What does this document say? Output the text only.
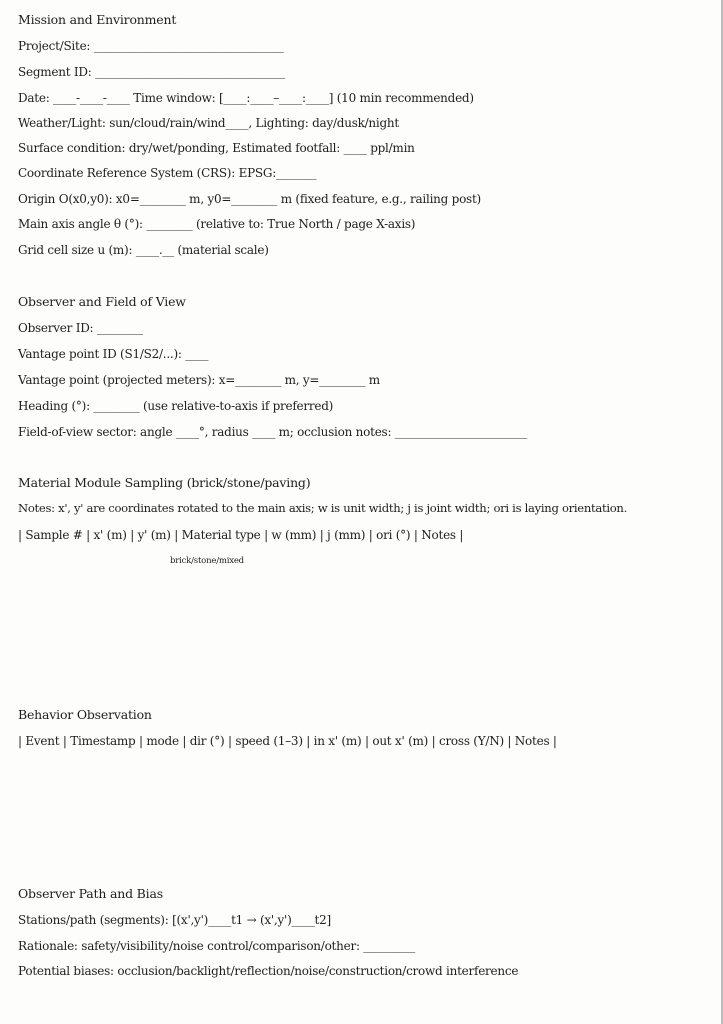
Mission and Environment

Project/Site: _________________________________

Segment ID: _________________________________

Date: ____-____-____ Time window: [____:____–____:____] (10 min recommended)

Weather/Light: sun/cloud/rain/wind____, Lighting: day/dusk/night

Surface condition: dry/wet/ponding, Estimated footfall: ____ ppl/min

Coordinate Reference System (CRS): EPSG:_______

Origin O(x0,y0): x0=________ m, y0=________ m (fixed feature, e.g., railing post)

Main axis angle θ (°): ________ (relative to: True North / page X-axis)

Grid cell size u (m): ____.__ (material scale)

Observer and Field of View

Observer ID: ________

Vantage point ID (S1/S2/...): ____

Vantage point (projected meters): x=________ m, y=________ m

Heading (°): ________ (use relative-to-axis if preferred)

Field-of-view sector: angle ____°, radius ____ m; occlusion notes: _______________________

Material Module Sampling (brick/stone/paving)

Notes: x', y' are coordinates rotated to the main axis; w is unit width; j is joint width; ori is laying orientation.

| Sample # | x' (m) | y' (m) | Material type | w (mm) | j (mm) | ori (°) | Notes |

brick/stone/mixed

Behavior Observation

| Event | Timestamp | mode | dir (°) | speed (1–3) | in x' (m) | out x' (m) | cross (Y/N) | Notes |

Observer Path and Bias

Stations/path (segments): [(x',y')____t1 → (x',y')____t2]

Rationale: safety/visibility/noise control/comparison/other: _________

Potential biases: occlusion/backlight/reflection/noise/construction/crowd interference
